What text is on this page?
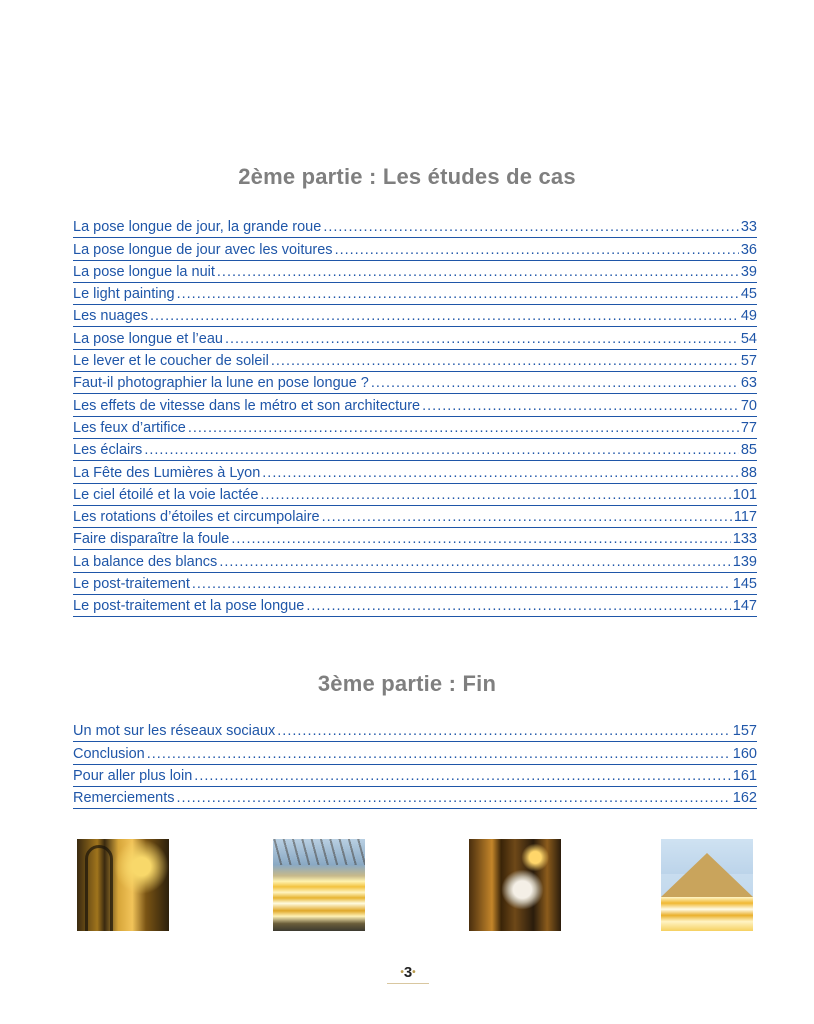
2ème partie : Les études de cas
La pose longue de jour, la grande roue .....	33
La pose longue de jour avec les voitures .....	36
La pose longue la nuit .....	39
Le light painting .....	45
Les nuages .....	49
La pose longue et l’eau .....	54
Le lever et le coucher de soleil .....	57
Faut-il photographier la lune en pose longue ? .....	63
Les effets de vitesse dans le métro et son architecture .....	70
Les feux d’artifice .....	77
Les éclairs .....	85
La Fête des Lumières à Lyon .....	88
Le ciel étoilé et la voie lactée .....	101
Les rotations d’étoiles et circumpolaire .....	117
Faire disparaître la foule .....	133
La balance des blancs .....	139
Le post-traitement .....	145
Le post-traitement et la pose longue .....	147
3ème partie : Fin
Un mot sur les réseaux sociaux .....	157
Conclusion .....	160
Pour aller plus loin .....	161
Remerciements .....	162
•3•
